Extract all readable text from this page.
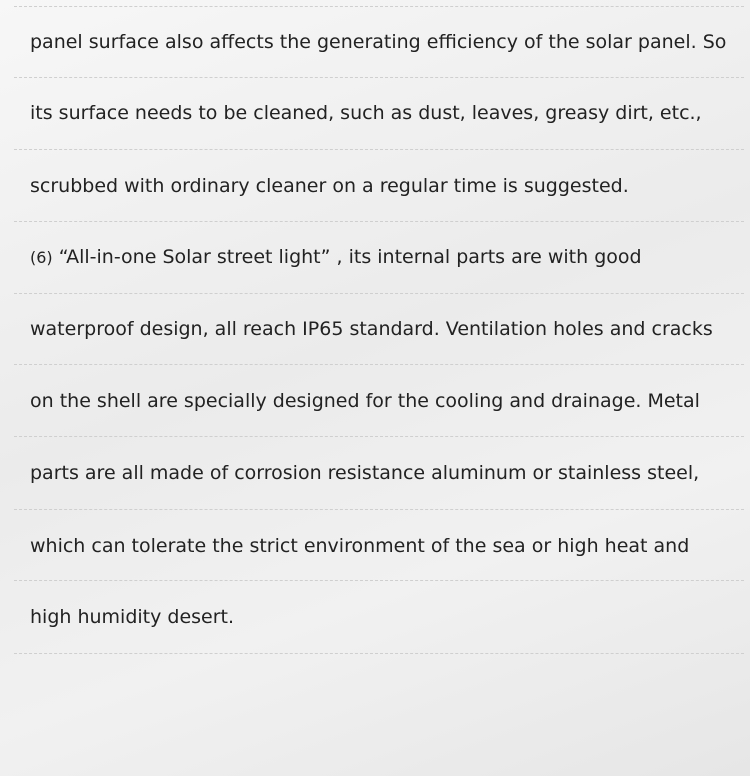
panel surface also affects the generating efficiency of the solar panel. So
its surface needs to be cleaned, such as dust, leaves, greasy dirt, etc.,
scrubbed with ordinary cleaner on a regular time is suggested.
(6) “All-in-one Solar street light” , its internal parts are with good
waterproof design, all reach IP65 standard. Ventilation holes and cracks
on the shell are specially designed for the cooling and drainage. Metal
parts are all made of corrosion resistance aluminum or stainless steel,
which can tolerate the strict environment of the sea or high heat and
high humidity desert.
